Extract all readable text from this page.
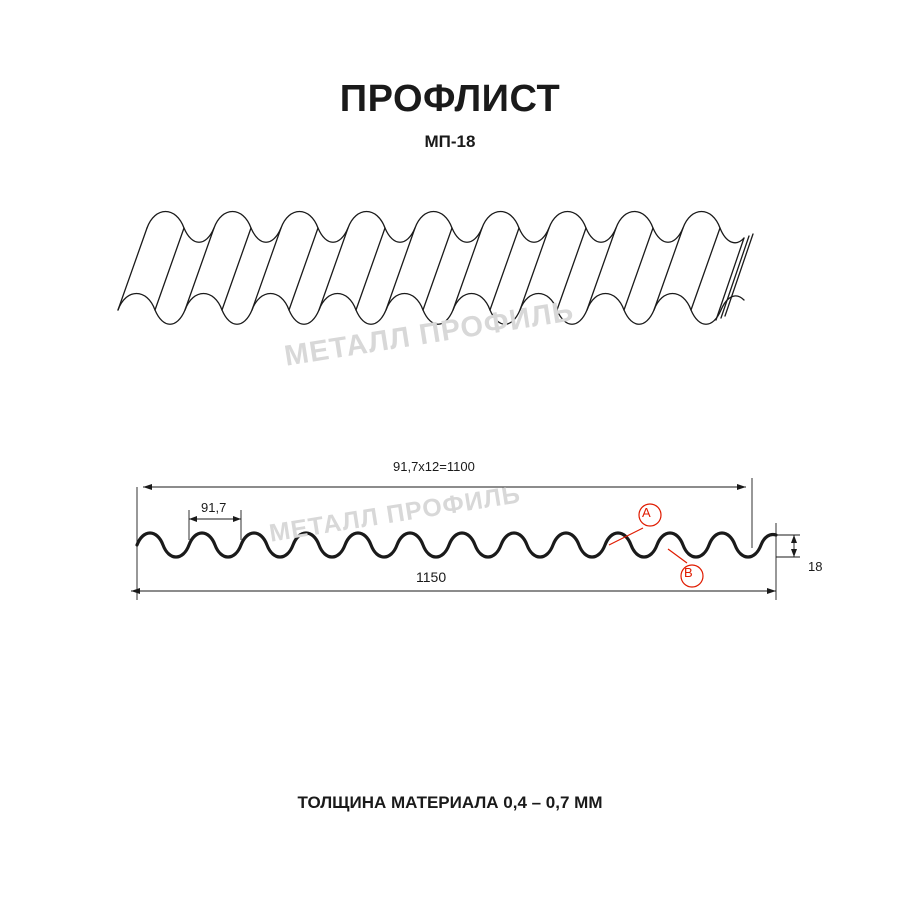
ПРОФЛИСТ
МП-18
91,7х12=1100
91,7
1150
18
A
B
МЕТАЛЛ ПРОФИЛЬ
МЕТАЛЛ ПРОФИЛЬ
ТОЛЩИНА МАТЕРИАЛА 0,4 – 0,7 ММ
